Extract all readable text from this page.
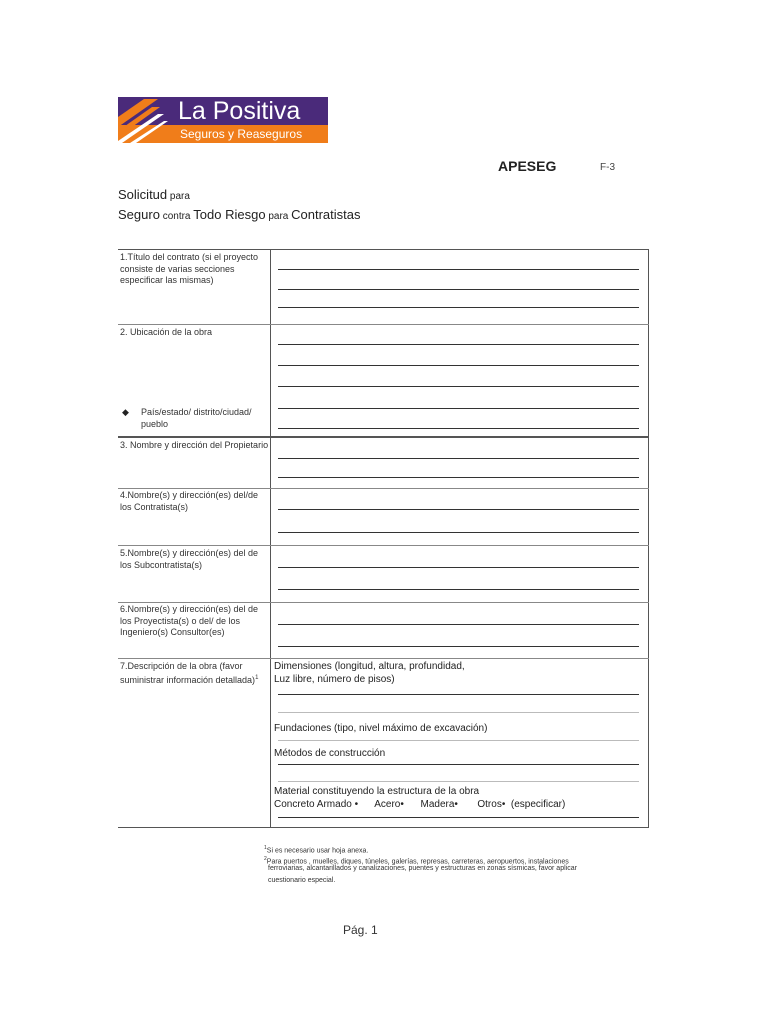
La Positiva
Seguros y Reaseguros
APESEG	F-3
Solicitud para
Seguro contra Todo Riesgo para Contratistas
1.Título del contrato (si el proyecto consiste de varias secciones especificar las mismas)
2. Ubicación de la obra
◆ País/estado/ distrito/ciudad/ pueblo
3. Nombre y dirección del Propietario
4.Nombre(s) y dirección(es) del/de los Contratista(s)
5.Nombre(s) y dirección(es) del de los Subcontratista(s)
6.Nombre(s) y dirección(es) del de los Proyectista(s) o del/ de los Ingeniero(s) Consultor(es)
7.Descripción de la obra (favor suministrar información detallada)$^1$
Dimensiones (longitud, altura, profundidad,
Luz libre, número de pisos)
Fundaciones (tipo, nivel máximo de excavación)
Métodos de construcción
Material constituyendo la estructura de la obra
Concreto Armado •      Acero•      Madera•       Otros•  (especificar)
$^1$Si es necesario usar hoja anexa.
$^2$Para puertos , muelles, diques, túneles, galerías, represas, carreteras, aeropuertos, instalaciones
ferroviarias, alcantarillados y canalizaciones, puentes y estructuras en zonas sísmicas, favor aplicar
cuestionario especial.
Pág. 1
